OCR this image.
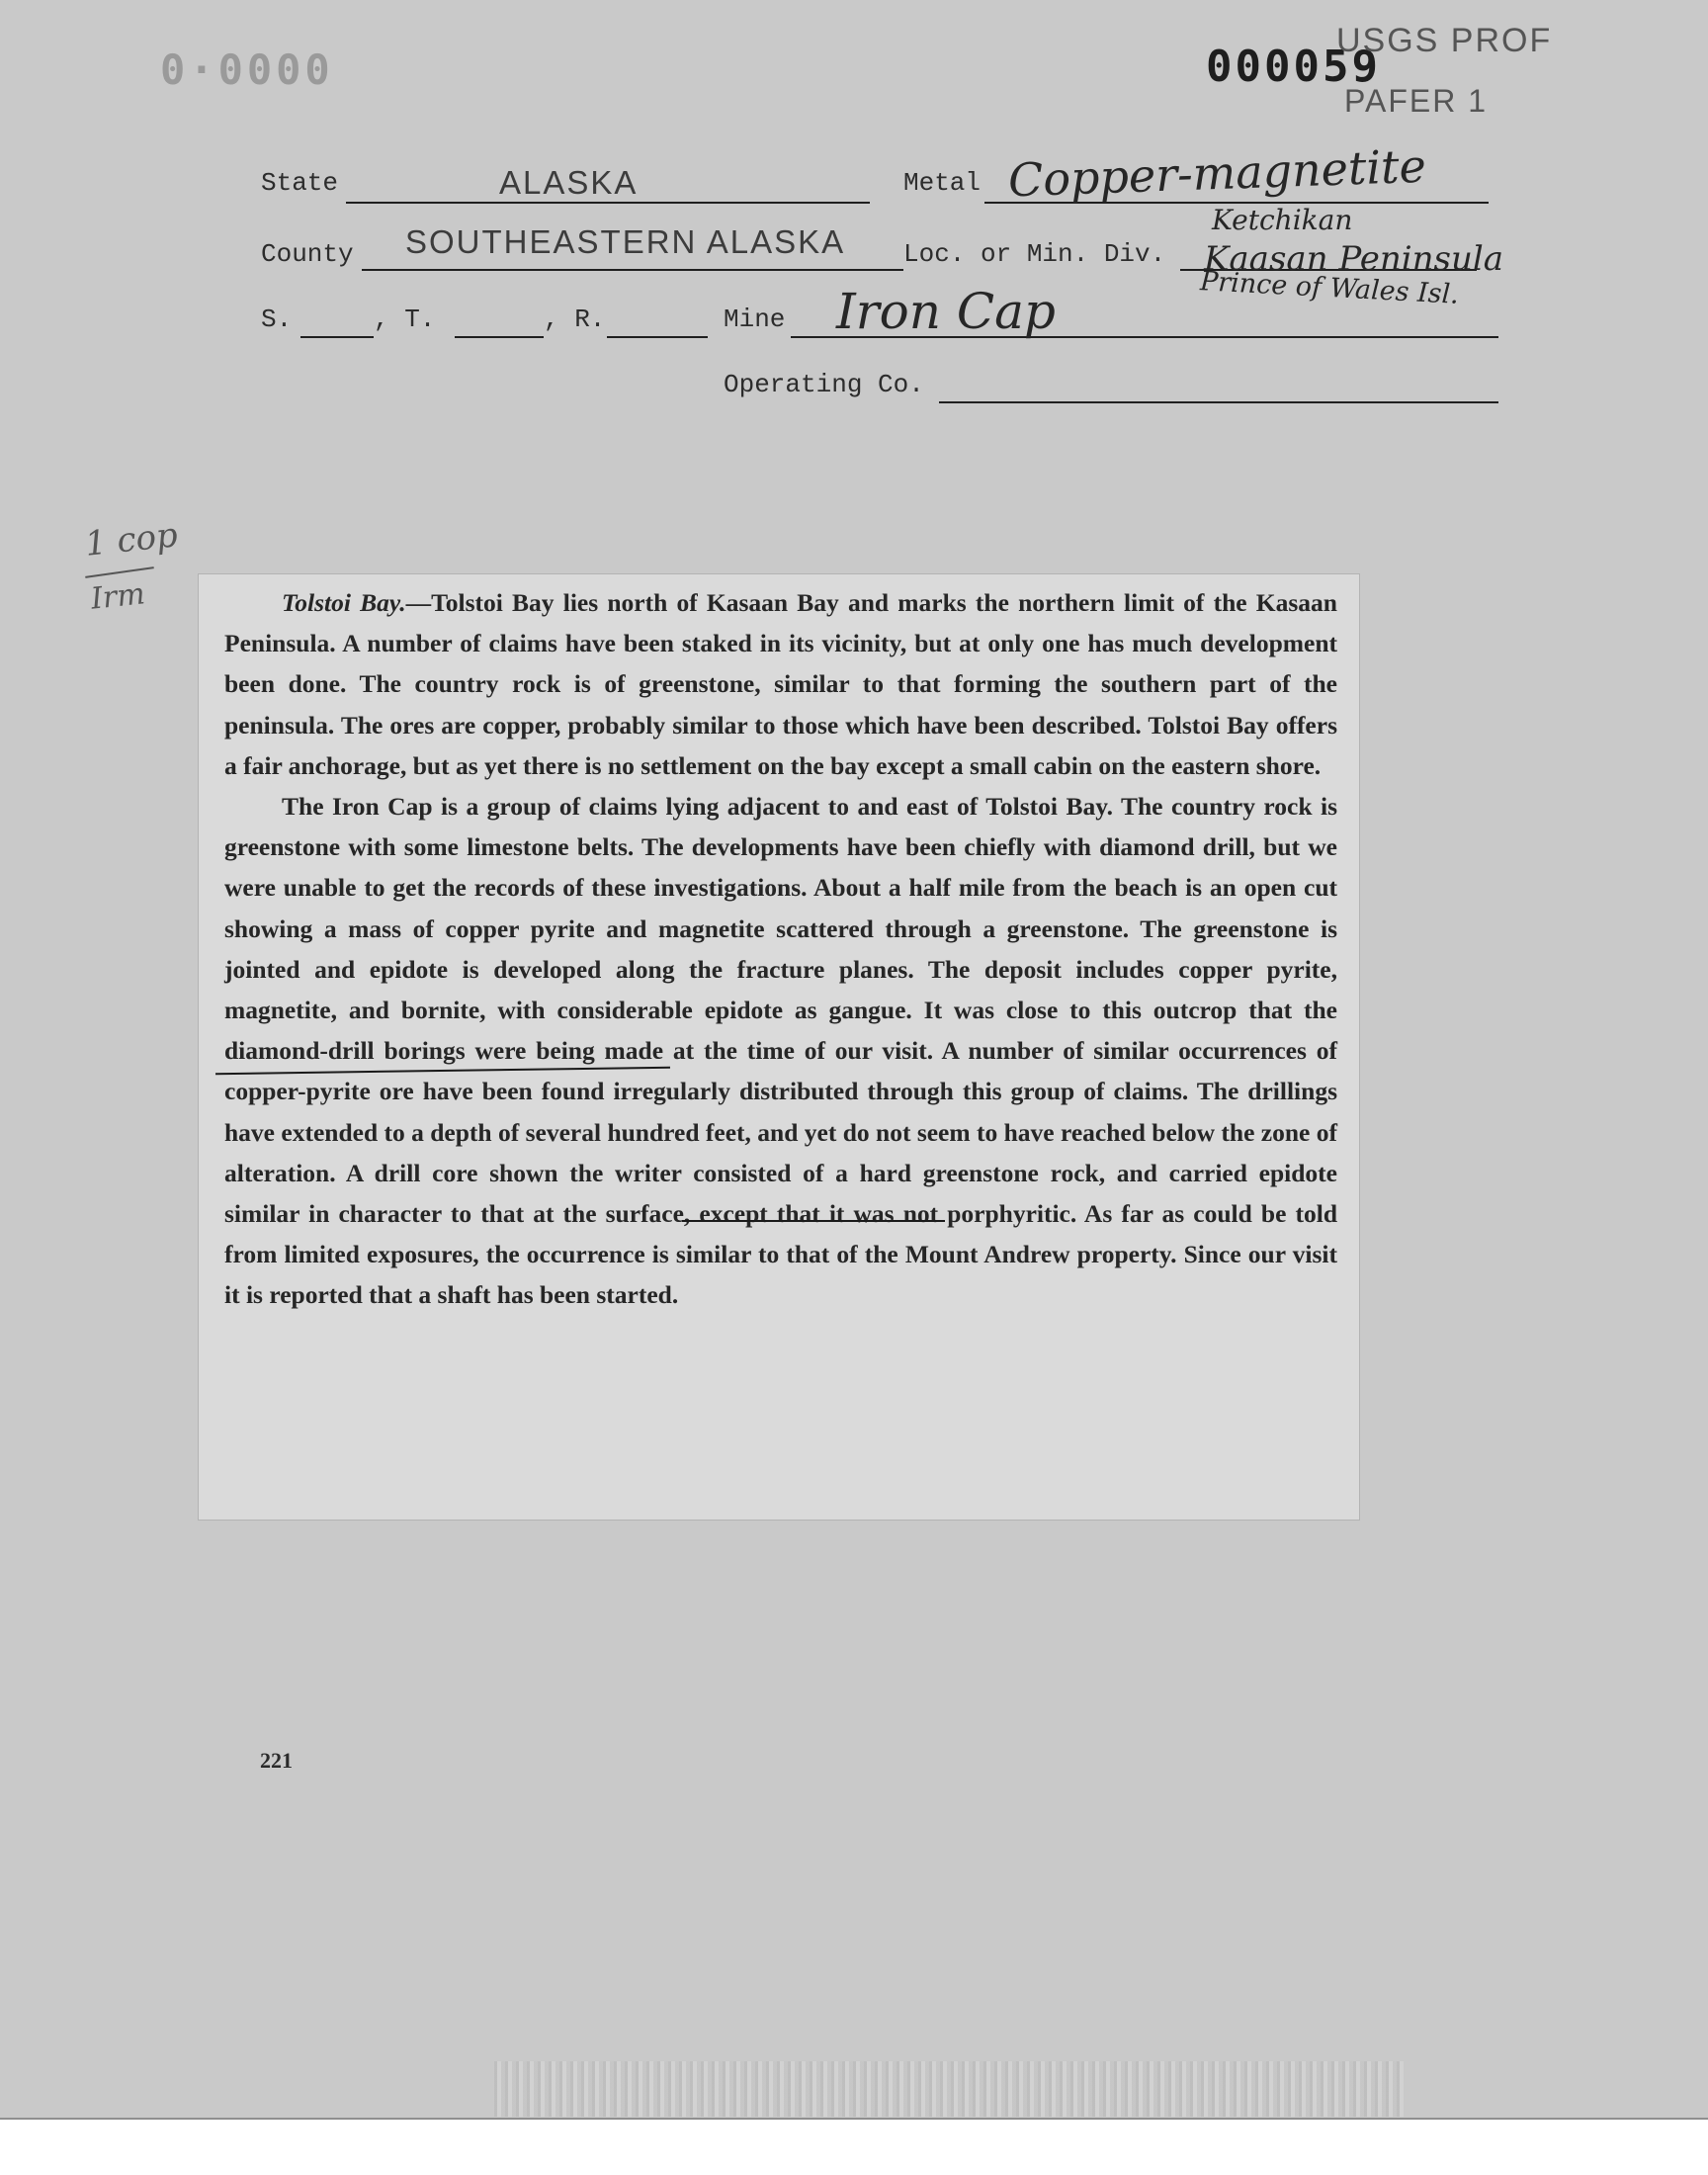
0·0000	000059
USGS PROF
PAFER 1
State	ALASKA	Metal Copper-magnetite
County SOUTHEASTERN ALASKA Loc. or Min. Div.
Ketchikan
Kaasan Peninsula
Prince of Wales Isl.
S.	, T.	, R.	Mine Iron Cap
Operating Co.
1 cop
Irm	Tolstoi Bay.—Tolstoi Bay lies north of Kasaan Bay and marks the northern limit of the Kasaan Peninsula. A number of claims have been staked in its vicinity, but at only one has much development been done. The country rock is of greenstone, similar to that forming the southern part of the peninsula. The ores are copper, probably similar to those which have been described. Tolstoi Bay offers a fair anchorage, but as yet there is no settlement on the bay except a small cabin on the eastern shore.

The Iron Cap is a group of claims lying adjacent to and east of Tolstoi Bay. The country rock is greenstone with some limestone belts. The developments have been chiefly with diamond drill, but we were unable to get the records of these investigations. About a half mile from the beach is an open cut showing a mass of copper pyrite and magnetite scattered through a greenstone. The greenstone is jointed and epidote is developed along the fracture planes. The deposit includes copper pyrite, magnetite, and bornite, with considerable epidote as gangue. It was close to this outcrop that the diamond-drill borings were being made at the time of our visit. A number of similar occurrences of copper-pyrite ore have been found irregularly distributed through this group of claims. The drillings have extended to a depth of several hundred feet, and yet do not seem to have reached below the zone of alteration. A drill core shown the writer consisted of a hard greenstone rock, and carried epidote similar in character to that at the surface, except that it was not porphyritic. As far as could be told from limited exposures, the occurrence is similar to that of the Mount Andrew property. Since our visit it is reported that a shaft has been started.

221
